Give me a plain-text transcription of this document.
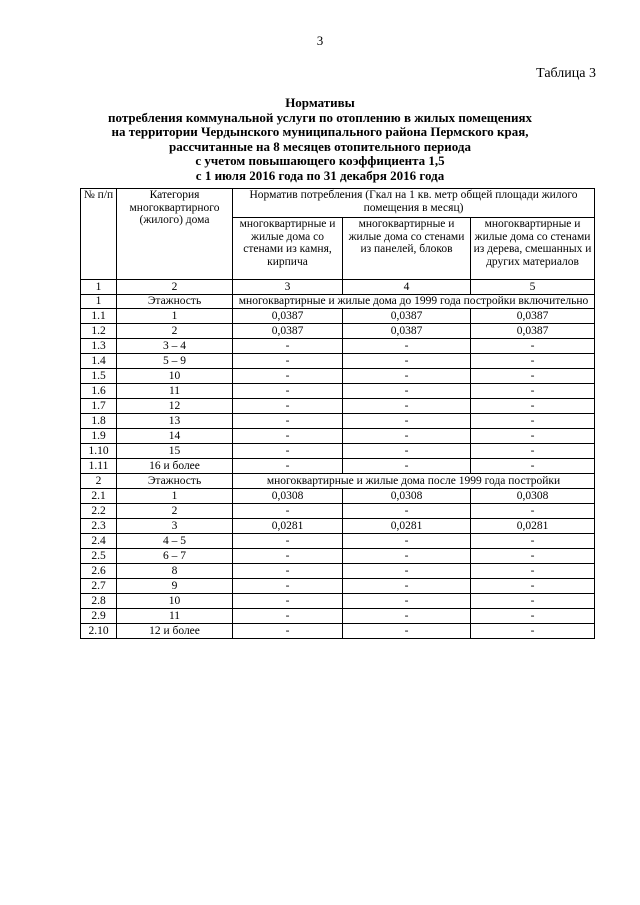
3
Таблица 3
Нормативы
потребления коммунальной услуги по отоплению в жилых помещениях
на территории Чердынского муниципального района Пермского края,
рассчитанные на 8 месяцев отопительного периода
с учетом повышающего коэффициента 1,5
с 1 июля 2016 года по 31 декабря 2016 года
№ п/п	Категория многоквартирного (жилого) дома	Норматив потребления (Гкал на 1 кв. метр общей площади жилого помещения в месяц)		
		многоквартирные и жилые дома со стенами из камня, кирпича	многоквартирные и жилые дома со стенами из панелей, блоков	многоквартирные и жилые дома со стенами из дерева, смешанных и других материалов
1	2	3	4	5
1	Этажность	многоквартирные и жилые дома до 1999 года постройки включительно		
1.1	1	0,0387	0,0387	0,0387
1.2	2	0,0387	0,0387	0,0387
1.3	3 – 4	-	-	-
1.4	5 – 9	-	-	-
1.5	10	-	-	-
1.6	11	-	-	-
1.7	12	-	-	-
1.8	13	-	-	-
1.9	14	-	-	-
1.10	15	-	-	-
1.11	16 и более	-	-	-
2	Этажность	многоквартирные и жилые дома после 1999 года постройки		
2.1	1	0,0308	0,0308	0,0308
2.2	2	-	-	-
2.3	3	0,0281	0,0281	0,0281
2.4	4 – 5	-	-	-
2.5	6 – 7	-	-	-
2.6	8	-	-	-
2.7	9	-	-	-
2.8	10	-	-	-
2.9	11	-	-	-
2.10	12 и более	-	-	-
